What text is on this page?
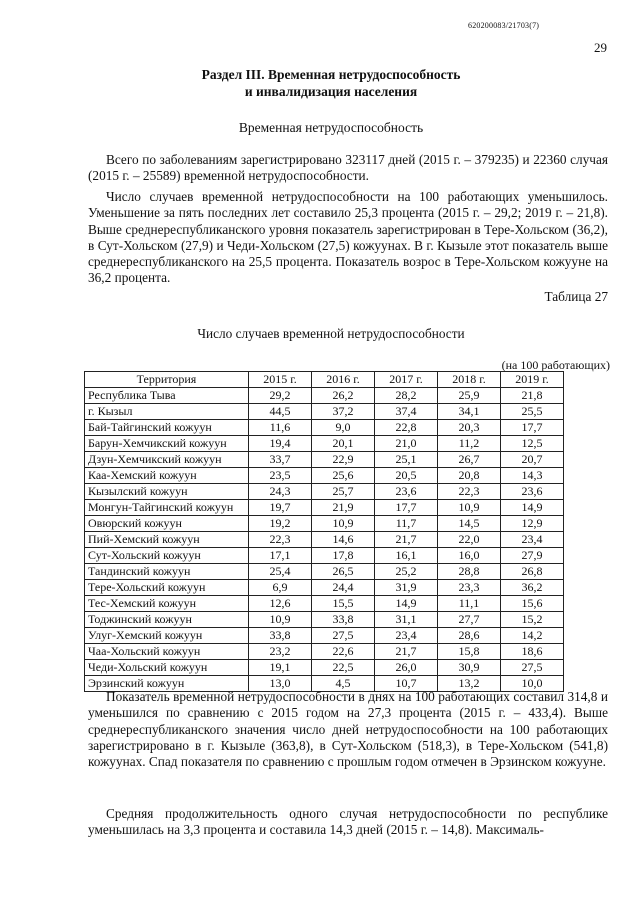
620200083/21703(7)
29
Раздел III. Временная нетрудоспособность
и инвалидизация населения
Временная нетрудоспособность

Всего по заболеваниям зарегистрировано 323117 дней (2015 г. – 379235) и 22360 случая (2015 г. – 25589) временной нетрудоспособности.

Число случаев временной нетрудоспособности на 100 работающих уменьшилось. Уменьшение за пять последних лет составило 25,3 процента (2015 г. – 29,2; 2019 г. – 21,8). Выше среднереспубликанского уровня показатель зарегистрирован в Тере-Хольском (36,2), в Сут-Хольском (27,9) и Чеди-Хольском (27,5) кожуунах. В г. Кызыле этот показатель выше среднереспубликанского на 25,5 процента. Показатель возрос в Тере-Хольском кожууне на 36,2 процента.

Таблица 27
Число случаев временной нетрудоспособности
(на 100 работающих)
Территория	2015 г.	2016 г.	2017 г.	2018 г.	2019 г.
Республика Тыва	29,2	26,2	28,2	25,9	21,8
г. Кызыл	44,5	37,2	37,4	34,1	25,5
Бай-Тайгинский кожуун	11,6	9,0	22,8	20,3	17,7
Барун-Хемчикский кожуун	19,4	20,1	21,0	11,2	12,5
Дзун-Хемчикский кожуун	33,7	22,9	25,1	26,7	20,7
Каа-Хемский кожуун	23,5	25,6	20,5	20,8	14,3
Кызылский кожуун	24,3	25,7	23,6	22,3	23,6
Монгун-Тайгинский кожуун	19,7	21,9	17,7	10,9	14,9
Овюрский кожуун	19,2	10,9	11,7	14,5	12,9
Пий-Хемский кожуун	22,3	14,6	21,7	22,0	23,4
Сут-Хольский кожуун	17,1	17,8	16,1	16,0	27,9
Тандинский кожуун	25,4	26,5	25,2	28,8	26,8
Тере-Хольский кожуун	6,9	24,4	31,9	23,3	36,2
Тес-Хемский кожуун	12,6	15,5	14,9	11,1	15,6
Тоджинский кожуун	10,9	33,8	31,1	27,7	15,2
Улуг-Хемский кожуун	33,8	27,5	23,4	28,6	14,2
Чаа-Хольский кожуун	23,2	22,6	21,7	15,8	18,6
Чеди-Хольский кожуун	19,1	22,5	26,0	30,9	27,5
Эрзинский кожуун	13,0	4,5	10,7	13,2	10,0

Показатель временной нетрудоспособности в днях на 100 работающих составил 314,8 и уменьшился по сравнению с 2015 годом на 27,3 процента (2015 г. – 433,4). Выше среднереспубликанского значения число дней нетрудоспособности на 100 работающих зарегистрировано в г. Кызыле (363,8), в Сут-Хольском (518,3), в Тере-Хольском (541,8) кожуунах. Спад показателя по сравнению с прошлым годом отмечен в Эрзинском кожууне.

Средняя продолжительность одного случая нетрудоспособности по республике уменьшилась на 3,3 процента и составила 14,3 дней (2015 г. – 14,8). Максималь-
